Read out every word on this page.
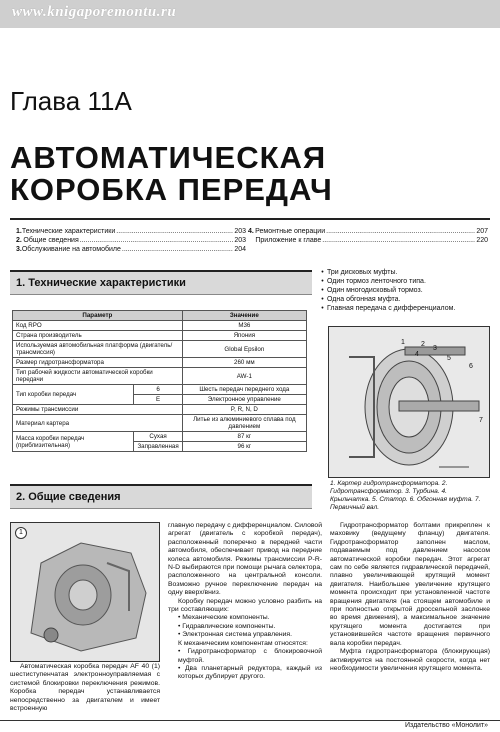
www.knigaporemontu.ru
Глава 11А
АВТОМАТИЧЕСКАЯ
КОРОБКА ПЕРЕДАЧ
1. Технические характеристики .....	203
2. Общие сведения .....	203
3. Обслуживание на автомобиле .....	204
4. Ремонтные операции .....	207
Приложение к главе .....	220
1. Технические характеристики
Параметр		Значение
Код RPO		M36
Страна производитель		Япония
Используемая автомобильная платформа (двигатель/трансмиссия)		Global Epsilon
Размер гидротрансформатора		260 мм
Тип рабочей жидкости автоматической коробки передачи		AW-1
Тип коробки передач	6	Шесть передач переднего хода
	E	Электронное управление
Режимы трансмиссии		P, R, N, D
Материал картера		Литье из алюминиевого сплава под давлением
Масса коробки передач (приблизительная)	Сухая	87 кг
	Заправленная	96 кг
• Три дисковых муфты.
• Один тормоз ленточного типа.
• Один многодисковый тормоз.
• Одна обгонная муфта.
• Главная передача с дифференциалом.
1 2
3
4
5
6
7
1. Картер гидротрансформатора. 2. Гидротрансформатор. 3. Турбина. 4. Крыльчатка. 5. Статор. 6. Обгонная муфта. 7. Первичный вал.
2. Общие сведения
1

Автоматическая коробка передач AF 40 (1) шестиступенчатая электронноуправляемая с системой блокировки переключения режимов. Коробка передач устанавливается непосредственно за двигателем и имеет встроенную

главную передачу с дифференциалом. Силовой агрегат (двигатель с коробкой передач), расположенный поперечно в передней части автомобиля, обеспечивает привод на передние колеса автомобиля. Режимы трансмиссии P-R-N-D выбираются при помощи рычага селектора, расположенного на центральной консоли. Возможно ручное переключение передач на одну вверх/вниз.

Коробку передач можно условно разбить на три составляющих:

• Механические компоненты.

• Гидравлические компоненты.

• Электронная система управления.

К механическим компонентам относятся:

• Гидротрансформатор с блокировочной муфтой.

• Два планетарный редуктора, каждый из которых дублирует другого.

Гидротрансформатор болтами прикреплен к маховику (ведущему фланцу) двигателя. Гидротрансформатор заполнен маслом, подаваемым под давлением насосом автоматической коробки передач. Этот агрегат сам по себе является гидравлической передачей, плавно увеличивающей крутящий момент двигателя. Наибольшее увеличение крутящего момента происходит при установленной частоте вращения двигателя (на стоящем автомобиле и при полностью открытой дроссельной заслонке во время движения), а максимальное значение крутящего момента достигается при установившейся частоте вращения первичного вала коробки передач.

Муфта гидротрансформатора (блокирующая) активируется на постоянной скорости, когда нет необходимости увеличения крутящего момента.

Издательство «Монолит»
